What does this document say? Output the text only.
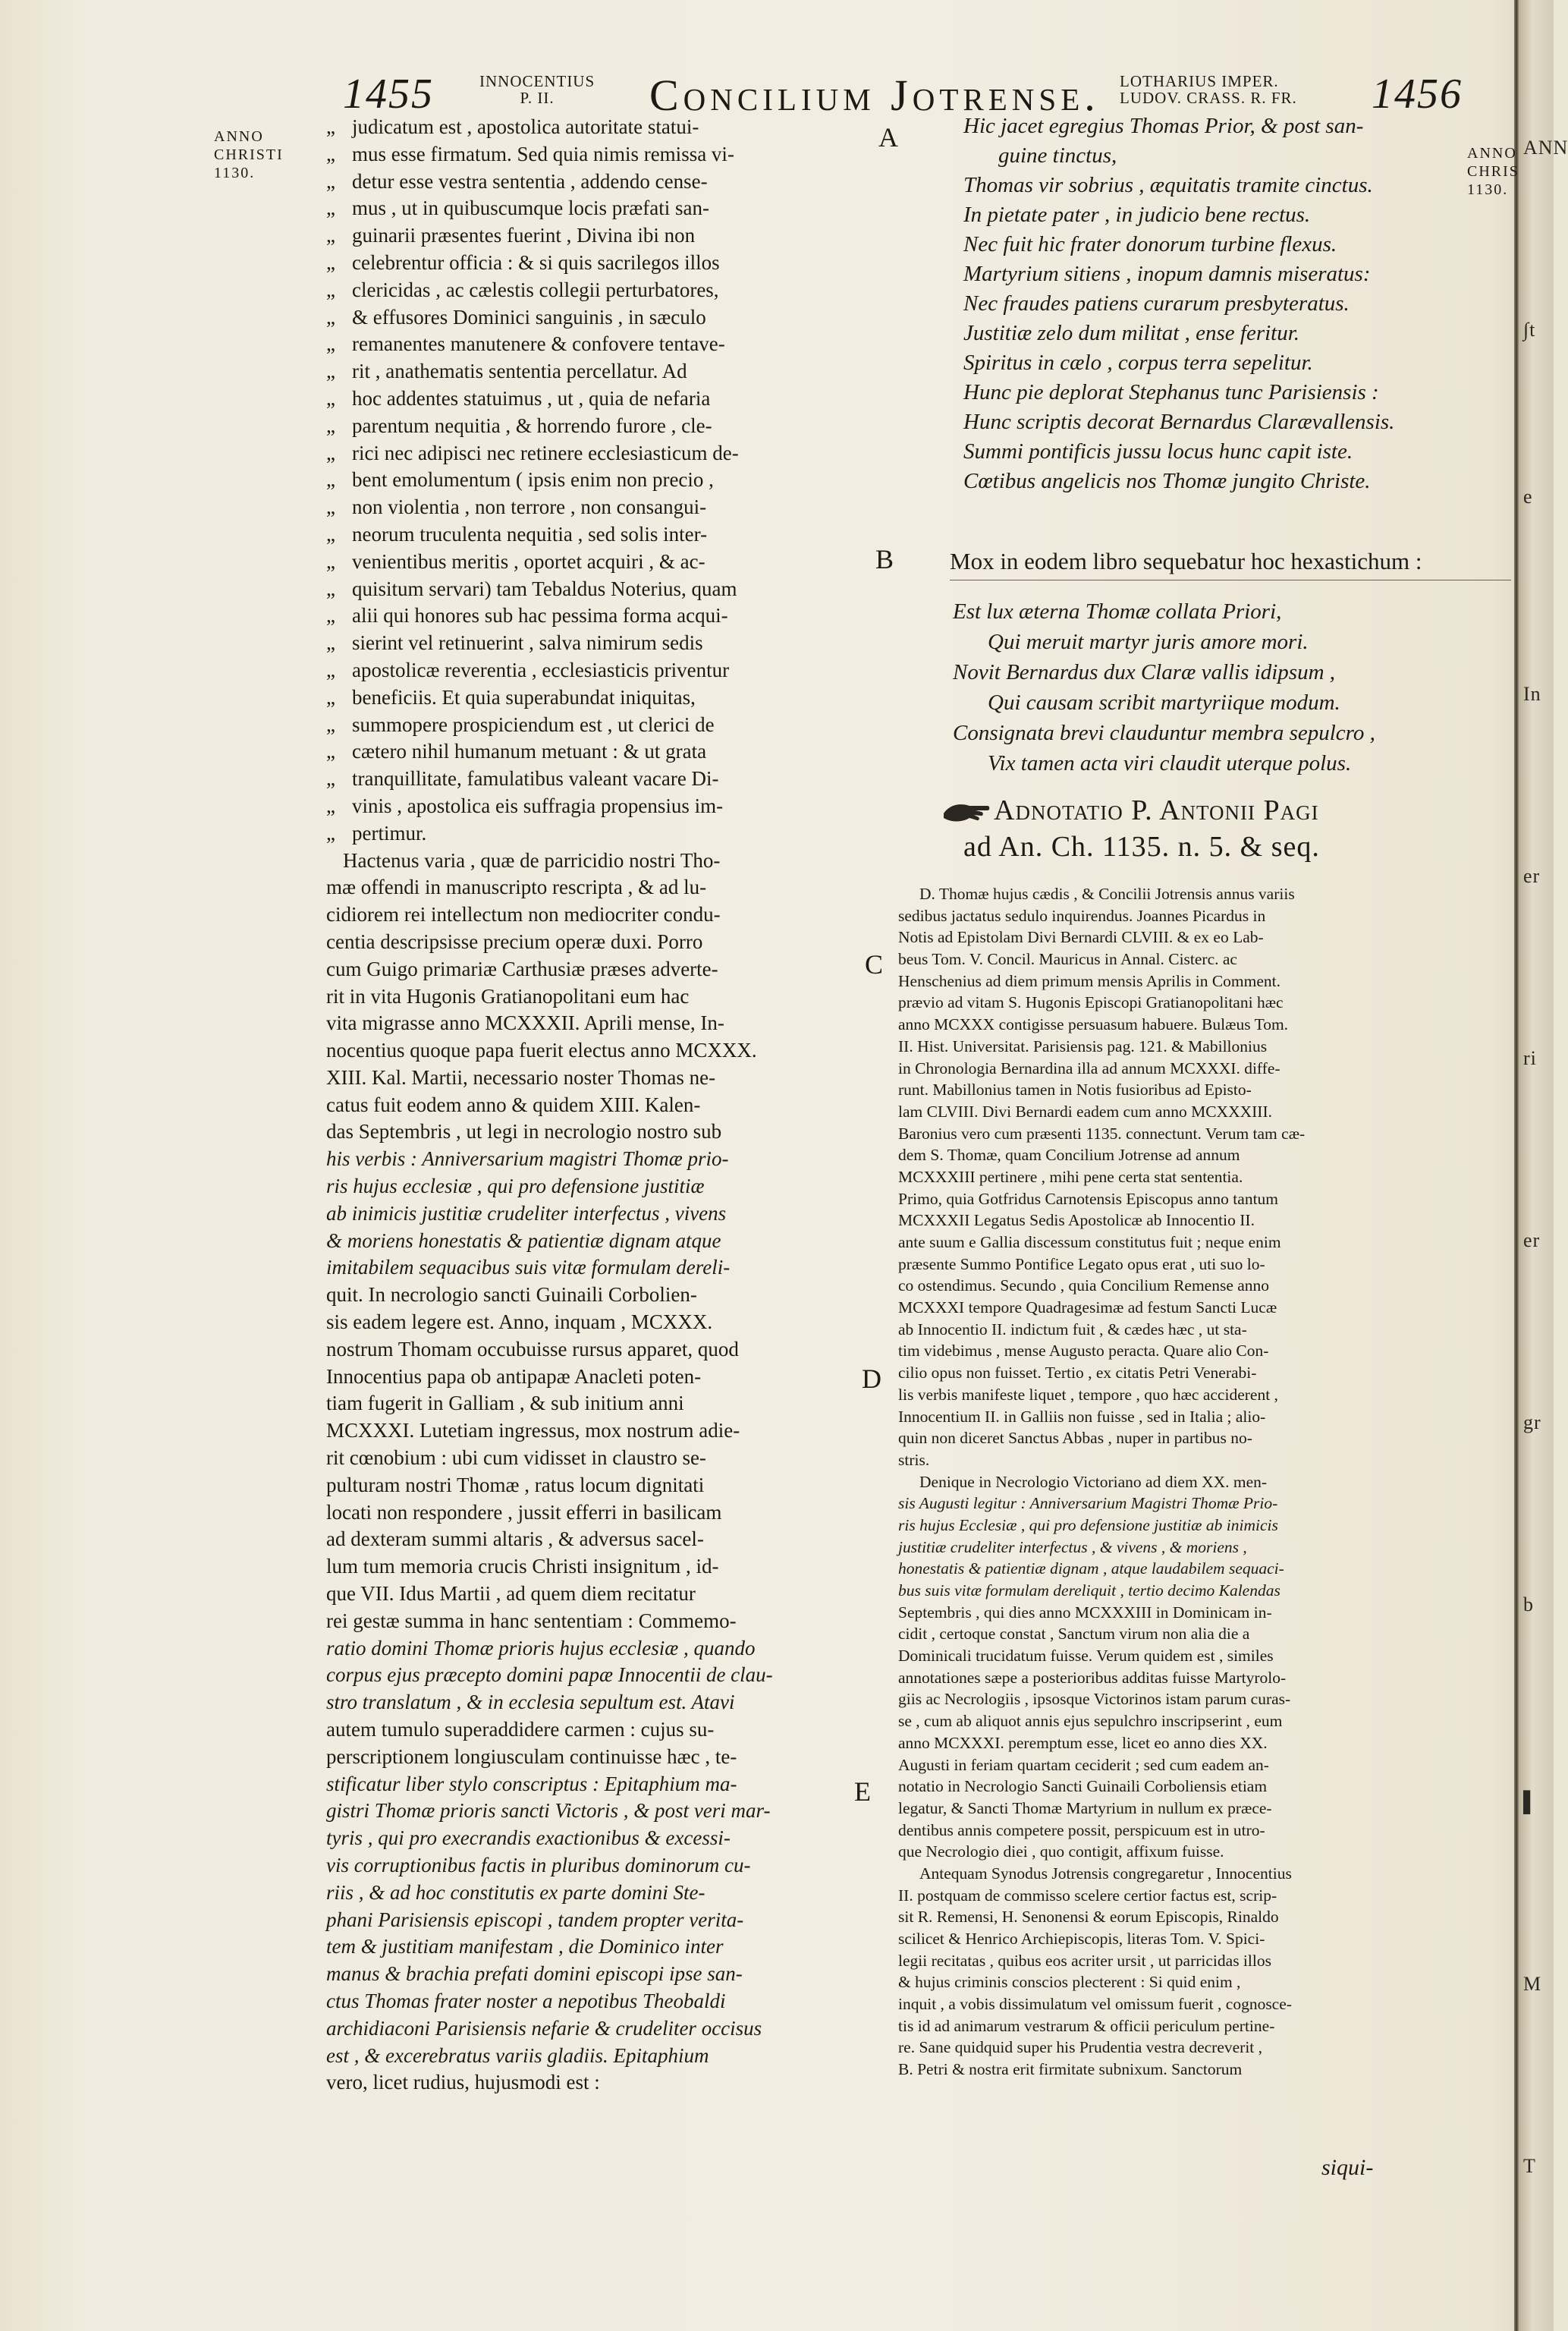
ANN
∫t
e
In
er
ri
er
gr
b
▌
M
T
1455	INNOCENTIUS
P. II.	Concilium Jotrense. LOTHARIUS IMPER.
LUDOV. CRASS. R. FR. 1456
ANNO
CHRISTI
1130.
ANNO
CHRIS
1130.
A
B
C
D
E
„ judicatum est , apostolica autoritate statui-
„ mus esse firmatum. Sed quia nimis remissa vi-
„ detur esse vestra sententia , addendo cense-
„ mus , ut in quibuscumque locis præfati san-
„ guinarii præsentes fuerint , Divina ibi non
„ celebrentur officia : & si quis sacrilegos illos
„ clericidas , ac cælestis collegii perturbatores,
„ & effusores Dominici sanguinis , in sæculo
„ remanentes manutenere & confovere tentave-
„ rit , anathematis sententia percellatur. Ad
„ hoc addentes statuimus , ut , quia de nefaria
„ parentum nequitia , & horrendo furore , cle-
„ rici nec adipisci nec retinere ecclesiasticum de-
„ bent emolumentum ( ipsis enim non precio ,
„ non violentia , non terrore , non consangui-
„ neorum truculenta nequitia , sed solis inter-
„ venientibus meritis , oportet acquiri , & ac-
„ quisitum servari) tam Tebaldus Noterius, quam
„ alii qui honores sub hac pessima forma acqui-
„ sierint vel retinuerint , salva nimirum sedis
„ apostolicæ reverentia , ecclesiasticis priventur
„ beneficiis. Et quia superabundat iniquitas,
„ summopere prospiciendum est , ut clerici de
„ cætero nihil humanum metuant : & ut grata
„ tranquillitate, famulatibus valeant vacare Di-
„ vinis , apostolica eis suffragia propensius im-
„ pertimur.
Hactenus varia , quæ de parricidio nostri Tho-
mæ offendi in manuscripto rescripta , & ad lu-
cidiorem rei intellectum non mediocriter condu-
centia descripsisse precium operæ duxi. Porro
cum Guigo primariæ Carthusiæ præses adverte-
rit in vita Hugonis Gratianopolitani eum hac
vita migrasse anno MCXXXII. Aprili mense, In-
nocentius quoque papa fuerit electus anno MCXXX.
XIII. Kal. Martii, necessario noster Thomas ne-
catus fuit eodem anno & quidem XIII. Kalen-
das Septembris , ut legi in necrologio nostro sub
his verbis : Anniversarium magistri Thomæ prio-
ris hujus ecclesiæ , qui pro defensione justitiæ
ab inimicis justitiæ crudeliter interfectus , vivens
& moriens honestatis & patientiæ dignam atque
imitabilem sequacibus suis vitæ formulam dereli-
quit. In necrologio sancti Guinaili Corbolien-
sis eadem legere est. Anno, inquam , MCXXX.
nostrum Thomam occubuisse rursus apparet, quod
Innocentius papa ob antipapæ Anacleti poten-
tiam fugerit in Galliam , & sub initium anni
MCXXXI. Lutetiam ingressus, mox nostrum adie-
rit cœnobium : ubi cum vidisset in claustro se-
pulturam nostri Thomæ , ratus locum dignitati
locati non respondere , jussit efferri in basilicam
ad dexteram summi altaris , & adversus sacel-
lum tum memoria crucis Christi insignitum , id-
que VII. Idus Martii , ad quem diem recitatur
rei gestæ summa in hanc sententiam : Commemo-
ratio domini Thomæ prioris hujus ecclesiæ , quando
corpus ejus præcepto domini papæ Innocentii de clau-
stro translatum , & in ecclesia sepultum est. Atavi
autem tumulo superaddidere carmen : cujus su-
perscriptionem longiusculam continuisse hæc , te-
stificatur liber stylo conscriptus : Epitaphium ma-
gistri Thomæ prioris sancti Victoris , & post veri mar-
tyris , qui pro execrandis exactionibus & excessi-
vis corruptionibus factis in pluribus dominorum cu-
riis , & ad hoc constitutis ex parte domini Ste-
phani Parisiensis episcopi , tandem propter verita-
tem & justitiam manifestam , die Dominico inter
manus & brachia prefati domini episcopi ipse san-
ctus Thomas frater noster a nepotibus Theobaldi
archidiaconi Parisiensis nefarie & crudeliter occisus
est , & excerebratus variis gladiis. Epitaphium
vero, licet rudius, hujusmodi est :
Hic jacet egregius Thomas Prior, & post san-
guine tinctus,
Thomas vir sobrius , æquitatis tramite cinctus.
In pietate pater , in judicio bene rectus.
Nec fuit hic frater donorum turbine flexus.
Martyrium sitiens , inopum damnis miseratus:
Nec fraudes patiens curarum presbyteratus.
Justitiæ zelo dum militat , ense feritur.
Spiritus in cælo , corpus terra sepelitur.
Hunc pie deplorat Stephanus tunc Parisiensis :
Hunc scriptis decorat Bernardus Clarævallensis.
Summi pontificis jussu locus hunc capit iste.
Cœtibus angelicis nos Thomæ jungito Christe.
Mox in eodem libro sequebatur hoc hexastichum :
Est lux æterna Thomæ collata Priori,
Qui meruit martyr juris amore mori.
Novit Bernardus dux Claræ vallis idipsum ,
Qui causam scribit martyriique modum.
Consignata brevi clauduntur membra sepulcro ,
Vix tamen acta viri claudit uterque polus.
Adnotatio P. Antonii Pagi
ad An. Ch. 1135. n. 5. & seq.
D. Thomæ hujus cædis , & Concilii Jotrensis annus variis
sedibus jactatus sedulo inquirendus. Joannes Picardus in
Notis ad Epistolam Divi Bernardi CLVIII. & ex eo Lab-
beus Tom. V. Concil. Mauricus in Annal. Cisterc. ac
Henschenius ad diem primum mensis Aprilis in Comment.
prævio ad vitam S. Hugonis Episcopi Gratianopolitani hæc
anno MCXXX contigisse persuasum habuere. Bulæus Tom.
II. Hist. Universitat. Parisiensis pag. 121. & Mabillonius
in Chronologia Bernardina illa ad annum MCXXXI. diffe-
runt. Mabillonius tamen in Notis fusioribus ad Episto-
lam CLVIII. Divi Bernardi eadem cum anno MCXXXIII.
Baronius vero cum præsenti 1135. connectunt. Verum tam cæ-
dem S. Thomæ, quam Concilium Jotrense ad annum
MCXXXIII pertinere , mihi pene certa stat sententia.
Primo, quia Gotfridus Carnotensis Episcopus anno tantum
MCXXXII Legatus Sedis Apostolicæ ab Innocentio II.
ante suum e Gallia discessum constitutus fuit ; neque enim
præsente Summo Pontifice Legato opus erat , uti suo lo-
co ostendimus. Secundo , quia Concilium Remense anno
MCXXXI tempore Quadragesimæ ad festum Sancti Lucæ
ab Innocentio II. indictum fuit , & cædes hæc , ut sta-
tim videbimus , mense Augusto peracta. Quare alio Con-
cilio opus non fuisset. Tertio , ex citatis Petri Venerabi-
lis verbis manifeste liquet , tempore , quo hæc acciderent ,
Innocentium II. in Galliis non fuisse , sed in Italia ; alio-
quin non diceret Sanctus Abbas , nuper in partibus no-
stris.
Denique in Necrologio Victoriano ad diem XX. men-
sis Augusti legitur : Anniversarium Magistri Thomæ Prio-
ris hujus Ecclesiæ , qui pro defensione justitiæ ab inimicis
justitiæ crudeliter interfectus , & vivens , & moriens ,
honestatis & patientiæ dignam , atque laudabilem sequaci-
bus suis vitæ formulam dereliquit , tertio decimo Kalendas
Septembris , qui dies anno MCXXXIII in Dominicam in-
cidit , certoque constat , Sanctum virum non alia die a
Dominicali trucidatum fuisse. Verum quidem est , similes
annotationes sæpe a posterioribus additas fuisse Martyrolo-
giis ac Necrologiis , ipsosque Victorinos istam parum curas-
se , cum ab aliquot annis ejus sepulchro inscripserint , eum
anno MCXXXI. peremptum esse, licet eo anno dies XX.
Augusti in feriam quartam ceciderit ; sed cum eadem an-
notatio in Necrologio Sancti Guinaili Corboliensis etiam
legatur, & Sancti Thomæ Martyrium in nullum ex præce-
dentibus annis competere possit, perspicuum est in utro-
que Necrologio diei , quo contigit, affixum fuisse.
Antequam Synodus Jotrensis congregaretur , Innocentius
II. postquam de commisso scelere certior factus est, scrip-
sit R. Remensi, H. Senonensi & eorum Episcopis, Rinaldo
scilicet & Henrico Archiepiscopis, literas Tom. V. Spici-
legii recitatas , quibus eos acriter ursit , ut parricidas illos
& hujus criminis conscios plecterent : Si quid enim ,
inquit , a vobis dissimulatum vel omissum fuerit , cognosce-
tis id ad animarum vestrarum & officii periculum pertine-
re. Sane quidquid super his Prudentia vestra decreverit ,
B. Petri & nostra erit firmitate subnixum. Sanctorum
siqui-
